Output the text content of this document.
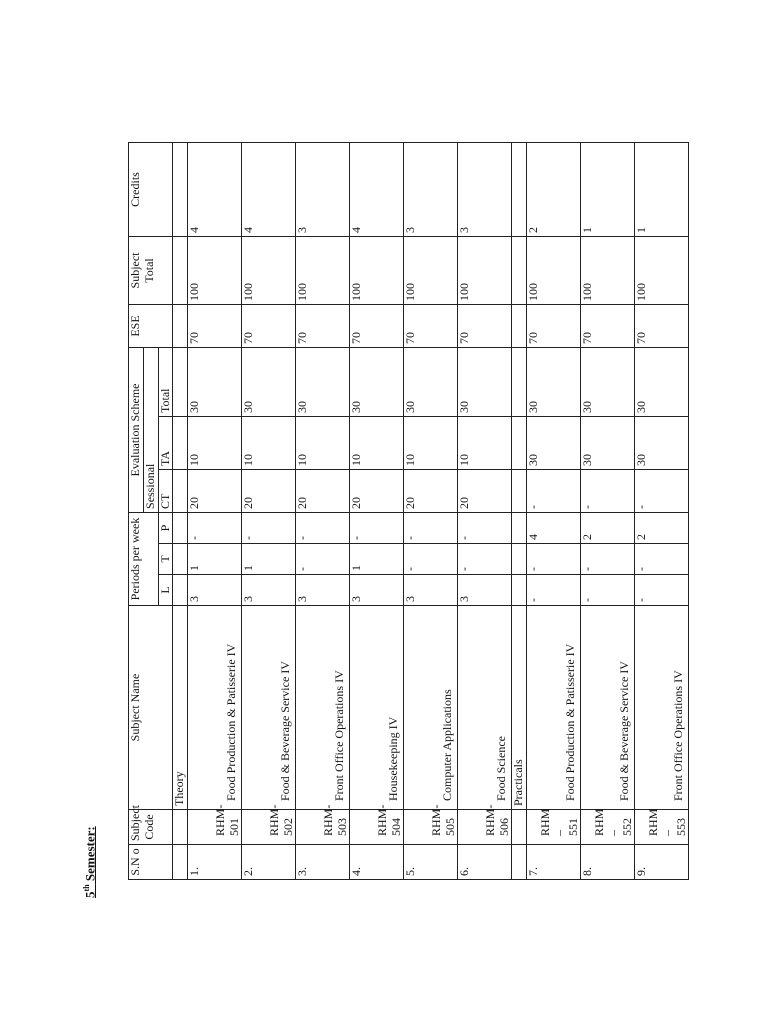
5th Semester:	S.N o	Subject Code	Subject Name	Periods per week			Evaluation Scheme			ESE	Subject Total	Credits
						Sessional					
			L	T	P	CT	TA	Total			
		Theory									
1.	RHM- 501	Food Production & Patisserie IV	3	1	-	20	10	30	70	100	4
2.	RHM- 502	Food & Beverage Service IV	3	1	-	20	10	30	70	100	4
3.	RHM- 503	Front Office Operations IV	3	-	-	20	10	30	70	100	3
4.	RHM- 504	Housekeeping IV	3	1	-	20	10	30	70	100	4
5.	RHM- 505	Computer Applications	3	-	-	20	10	30	70	100	3
6.	RHM- 506	Food Science	3	-	-	20	10	30	70	100	3
		Practicals									
7.	RHM – 551	Food Production & Patisserie IV	-	-	4	-	30	30	70	100	2
8.	RHM – 552	Food & Beverage Service IV	-	-	2	-	30	30	70	100	1
9.	RHM – 553	Front Office Operations IV	-	-	2	-	30	30	70	100	1
